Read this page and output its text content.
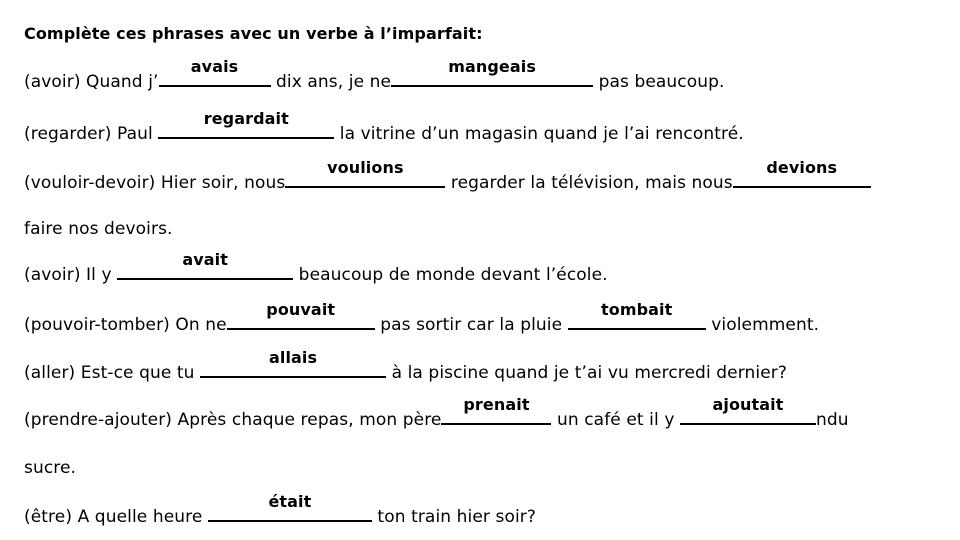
Complète ces phrases avec un verbe à l’imparfait:
(avoir) Quand j’
avais
dix ans, je ne
mangeais
pas beaucoup.
(regarder) Paul
regardait
la vitrine d’un magasin quand je l’ai rencontré.
(vouloir-devoir) Hier soir, nous
voulions
regarder la télévision, mais nous
devions
faire nos devoirs.
(avoir) Il y
avait
beaucoup de monde devant l’école.
(pouvoir-tomber) On ne
pouvait
pas sortir car la pluie
tombait
violemment.
(aller) Est-ce que tu
allais
à la piscine quand je t’ai vu mercredi dernier?
(prendre-ajouter) Après chaque repas, mon père
prenait
un café et il y
ajoutait
ndu
sucre.
(être) A quelle heure
était
ton train hier soir?
